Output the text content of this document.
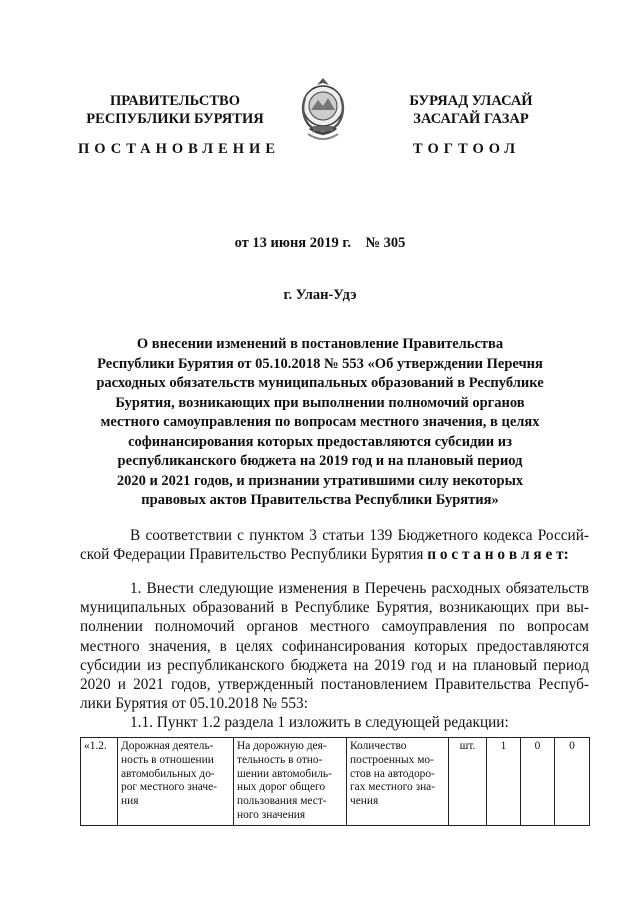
ПРАВИТЕЛЬСТВО
РЕСПУБЛИКИ БУРЯТИЯ
БУРЯАД УЛАСАЙ
ЗАСАГАЙ ГАЗАР
ПОСТАНОВЛЕНИЕ	ТОГТООЛ
от 13 июня 2019 г.    № 305
г. Улан-Удэ
О внесении изменений в постановление Правительства
Республики Бурятия от 05.10.2018 № 553 «Об утверждении Перечня
расходных обязательств муниципальных образований в Республике
Бурятия, возникающих при выполнении полномочий органов
местного самоуправления по вопросам местного значения, в целях
софинансирования которых предоставляются субсидии из
республиканского бюджета на 2019 год и на плановый период
2020 и 2021 годов, и признании утратившими силу некоторых
правовых актов Правительства Республики Бурятия»
В соответствии с пунктом 3 статьи 139 Бюджетного кодекса Россий-
ской Федерации Правительство Республики Бурятия п о с т а н о в л я е т:
1. Внести следующие изменения в Перечень расходных обязательств
муниципальных образований в Республике Бурятия, возникающих при вы-
полнении полномочий органов местного самоуправления по вопросам
местного значения, в целях софинансирования которых предоставляются
субсидии из республиканского бюджета на 2019 год и на плановый период
2020 и 2021 годов, утвержденный постановлением Правительства Респуб-
лики Бурятия от 05.10.2018 № 553:
1.1. Пункт 1.2 раздела 1 изложить в следующей редакции:
«1.2.	Дорожная деятель-ность в отношении автомобильных до-рог местного значе-ния	На дорожную дея-тельность в отно-шении автомобиль-ных дорог общего пользования мест-ного значения	Количество построенных мо-стов на автодоро-гах местного зна-чения	шт.	1	0	0
